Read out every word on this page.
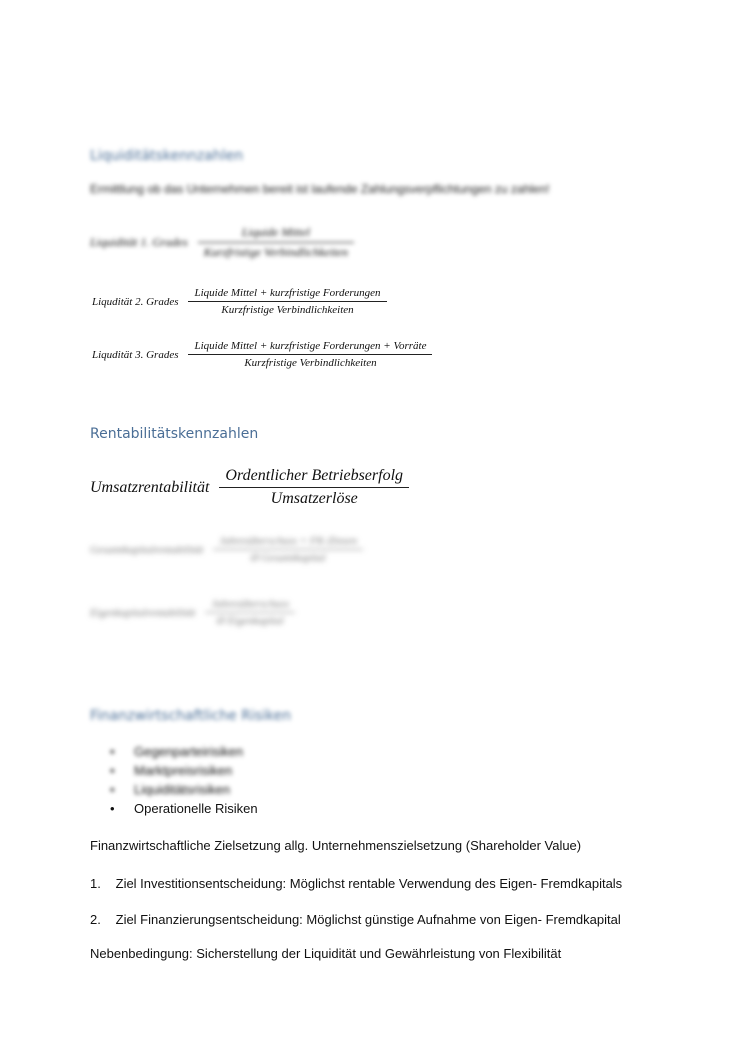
Liquiditätskennzahlen
Ermittlung ob das Unternehmen bereit ist laufende Zahlungsverpflichtungen zu zahlen!
Liquidität 1. Grades $\frac{\text{Liquide Mittel}}{\text{Kurzfristige Verbindlichkeiten}}$
Liqudität 2. Grades $\frac{\text{Liquide Mittel + kurzfristige Forderungen}}{\text{Kurzfristige Verbindlichkeiten}}$
Liqudität 3. Grades $\frac{\text{Liquide Mittel + kurzfristige Forderungen + Vorräte}}{\text{Kurzfristige Verbindlichkeiten}}$
Rentabilitätskennzahlen
Umsatzrentabilität $\frac{\text{Ordentlicher Betriebserfolg}}{\text{Umsatzerlöse}}$
Gesamtkapitalrentabilität $\frac{\text{Jahresüberschuss + FK-Zinsen}}{\text{Ø Gesamtkapital}}$
Eigenkapitalrentabilität $\frac{\text{Jahresüberschuss}}{\text{Ø Eigenkapital}}$
Finanzwirtschaftliche Risiken
• Gegenparteirisiken
• Marktpreisrisiken
• Liquiditätsrisiken
• Operationelle Risiken
Finanzwirtschaftliche Zielsetzung allg. Unternehmenszielsetzung (Shareholder Value)
1. Ziel Investitionsentscheidung: Möglichst rentable Verwendung des Eigen- Fremdkapitals
2. Ziel Finanzierungsentscheidung: Möglichst günstige Aufnahme von Eigen- Fremdkapital
Nebenbedingung: Sicherstellung der Liquidität und Gewährleistung von Flexibilität
